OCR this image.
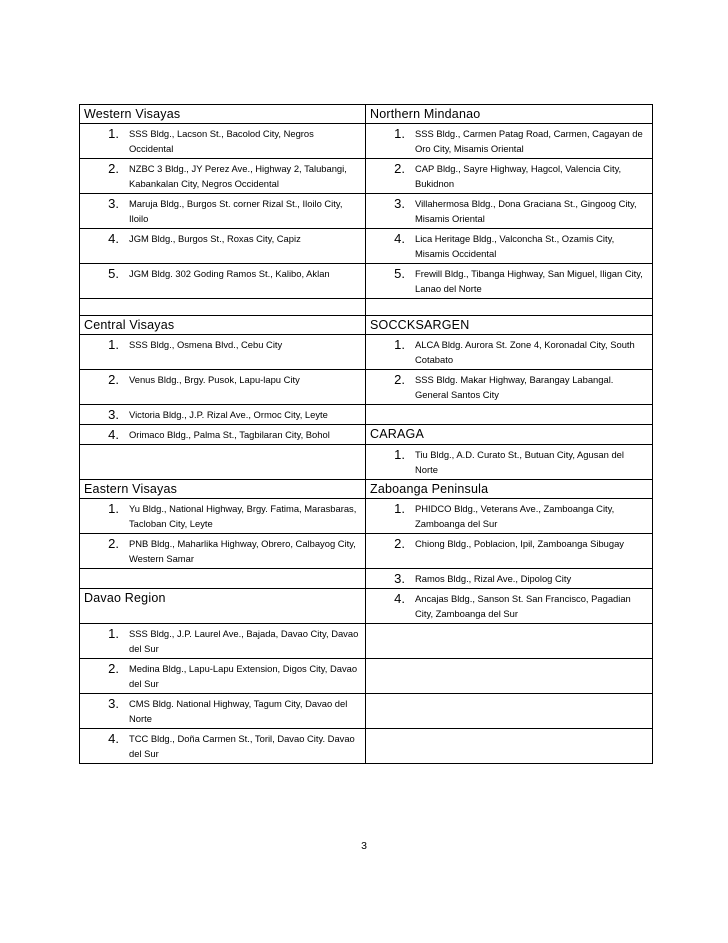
Western Visayas	Northern Mindanao

1. SSS Bldg., Lacson St., Bacolod City, Negros Occidental	1. SSS Bldg., Carmen Patag Road, Carmen, Cagayan de Oro City, Misamis Oriental

2. NZBC 3 Bldg., JY Perez Ave., Highway 2, Talubangi, Kabankalan City, Negros Occidental	2. CAP Bldg., Sayre Highway, Hagcol, Valencia City, Bukidnon

3. Maruja Bldg., Burgos St. corner Rizal St., Iloilo City, Iloilo	3. Villahermosa Bldg., Dona Graciana St., Gingoog City, Misamis Oriental

4. JGM Bldg., Burgos St., Roxas City, Capiz	4. Lica Heritage Bldg., Valconcha St., Ozamis City, Misamis Occidental

5. JGM Bldg. 302 Goding Ramos St., Kalibo, Aklan	5. Frewill Bldg., Tibanga Highway, San Miguel, Iligan City, Lanao del Norte

Central Visayas	SOCCKSARGEN

1. SSS Bldg., Osmena Blvd., Cebu City	1. ALCA Bldg. Aurora St. Zone 4, Koronadal City, South Cotabato

2. Venus Bldg., Brgy. Pusok, Lapu-lapu City	2. SSS Bldg. Makar Highway, Barangay Labangal. General Santos City

3. Victoria Bldg., J.P. Rizal Ave., Ormoc City, Leyte	

4. Orimaco Bldg., Palma St., Tagbilaran City, Bohol	CARAGA

	1. Tiu Bldg., A.D. Curato St., Butuan City, Agusan del Norte

Eastern Visayas	Zaboanga Peninsula

1. Yu Bldg., National Highway, Brgy. Fatima, Marasbaras, Tacloban City, Leyte	1. PHIDCO Bldg., Veterans Ave., Zamboanga City, Zamboanga del Sur

2. PNB Bldg., Maharlika Highway, Obrero, Calbayog City, Western Samar	2. Chiong Bldg., Poblacion, Ipil, Zamboanga Sibugay

	3. Ramos Bldg., Rizal Ave., Dipolog City

Davao Region	4. Ancajas Bldg., Sanson St. San Francisco, Pagadian City, Zamboanga del Sur

1. SSS Bldg., J.P. Laurel Ave., Bajada, Davao City, Davao del Sur	

2. Medina Bldg., Lapu-Lapu Extension, Digos City, Davao del Sur	

3. CMS Bldg. National Highway, Tagum City, Davao del Norte	

4. TCC Bldg., Doña Carmen St., Toril, Davao City. Davao del Sur	

3
